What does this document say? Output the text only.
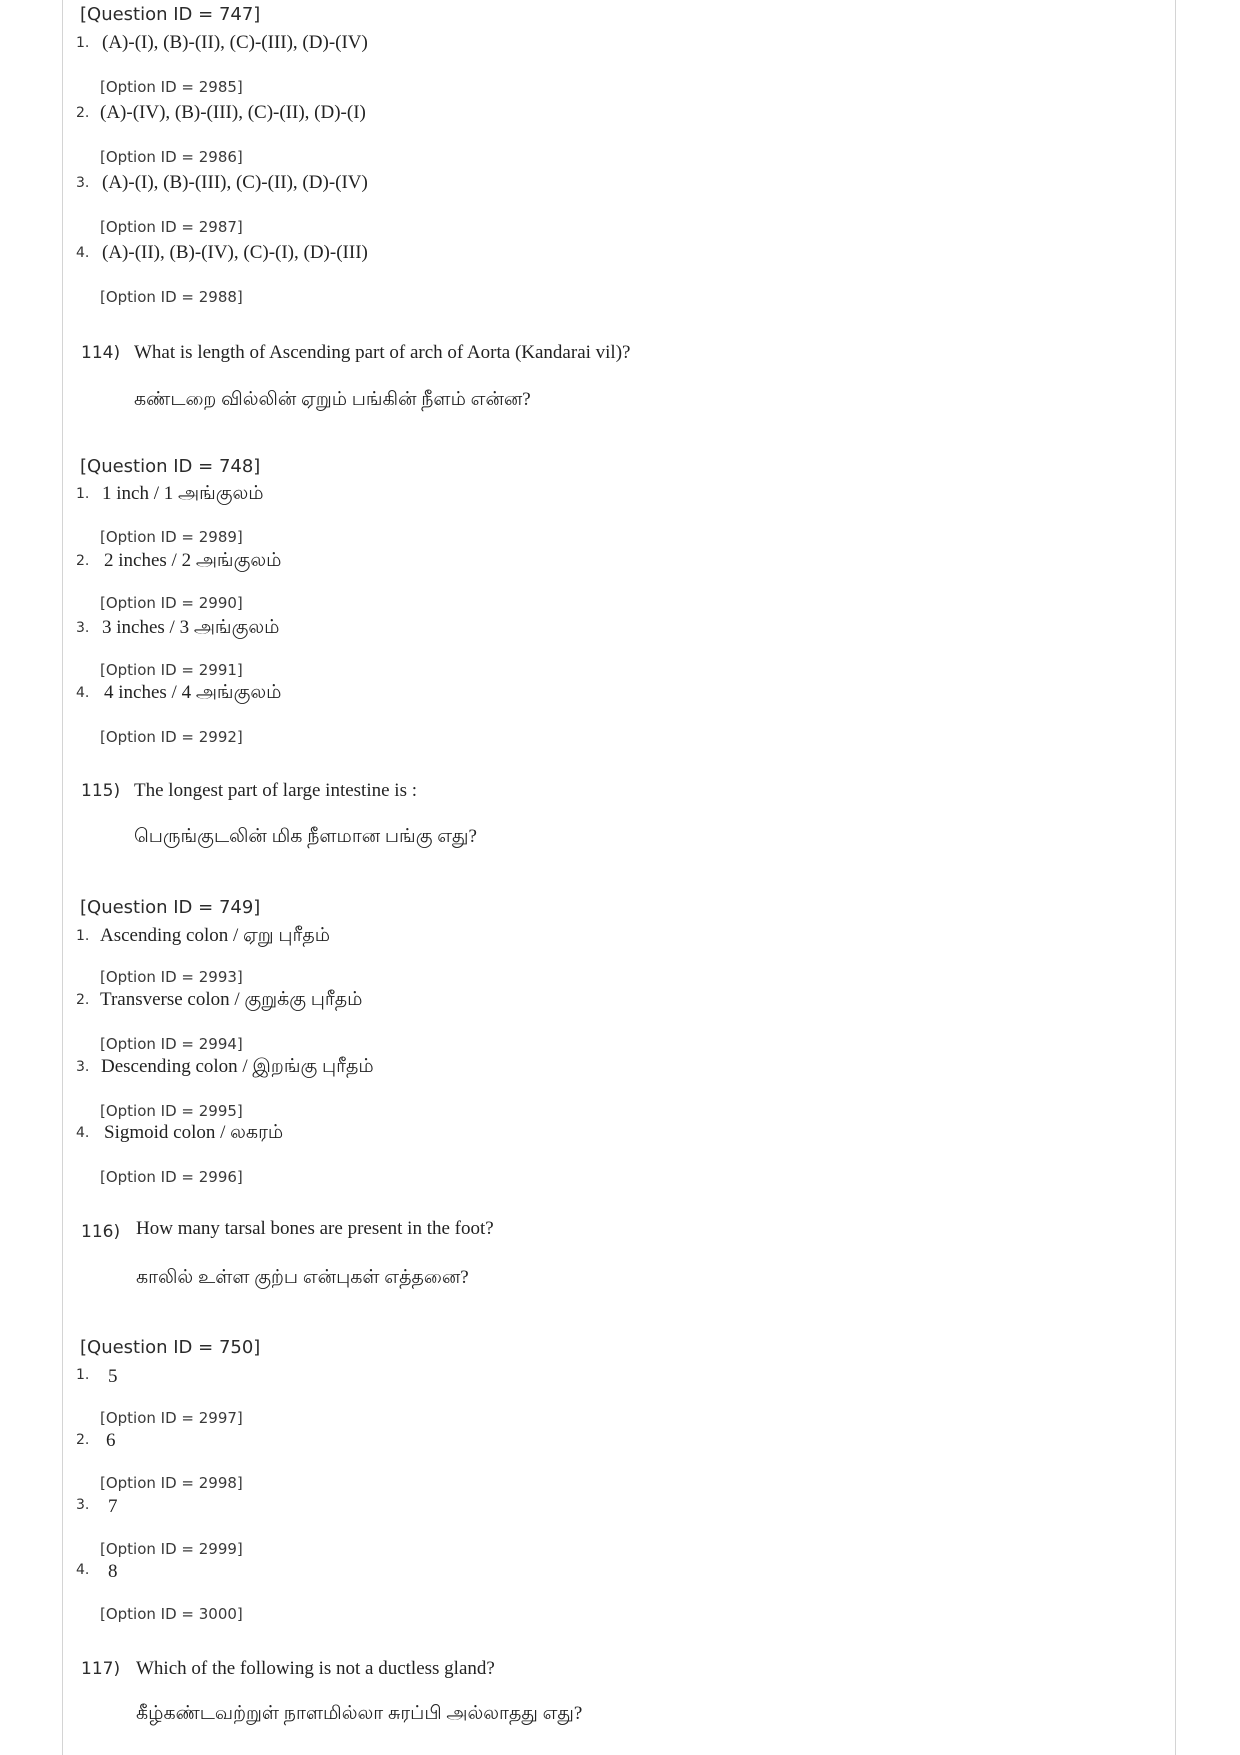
[Question ID = 747]
1. (A)-(I), (B)-(II), (C)-(III), (D)-(IV)
[Option ID = 2985]
2. (A)-(IV), (B)-(III), (C)-(II), (D)-(I)
[Option ID = 2986]
3. (A)-(I), (B)-(III), (C)-(II), (D)-(IV)
[Option ID = 2987]
4. (A)-(II), (B)-(IV), (C)-(I), (D)-(III)
[Option ID = 2988]
114) What is length of Ascending part of arch of Aorta (Kandarai vil)?
கண்டறை வில்லின் ஏறும் பங்கின் நீளம் என்ன?
[Question ID = 748]
1. 1 inch / 1 அங்குலம்
[Option ID = 2989]
2. 2 inches / 2 அங்குலம்
[Option ID = 2990]
3. 3 inches / 3 அங்குலம்
[Option ID = 2991]
4. 4 inches / 4 அங்குலம்
[Option ID = 2992]
115) The longest part of large intestine is :
பெருங்குடலின் மிக நீளமான பங்கு எது?
[Question ID = 749]
1. Ascending colon / ஏறு புரீதம்
[Option ID = 2993]
2. Transverse colon / குறுக்கு புரீதம்
[Option ID = 2994]
3. Descending colon / இறங்கு புரீதம்
[Option ID = 2995]
4. Sigmoid colon / லகரம்
[Option ID = 2996]
116) How many tarsal bones are present in the foot?
காலில் உள்ள குற்ப என்புகள் எத்தனை?
[Question ID = 750]
1. 5
[Option ID = 2997]
2. 6
[Option ID = 2998]
3. 7
[Option ID = 2999]
4. 8
[Option ID = 3000]
117) Which of the following is not a ductless gland?
கீழ்கண்டவற்றுள் நாளமில்லா சுரப்பி அல்லாதது எது?
